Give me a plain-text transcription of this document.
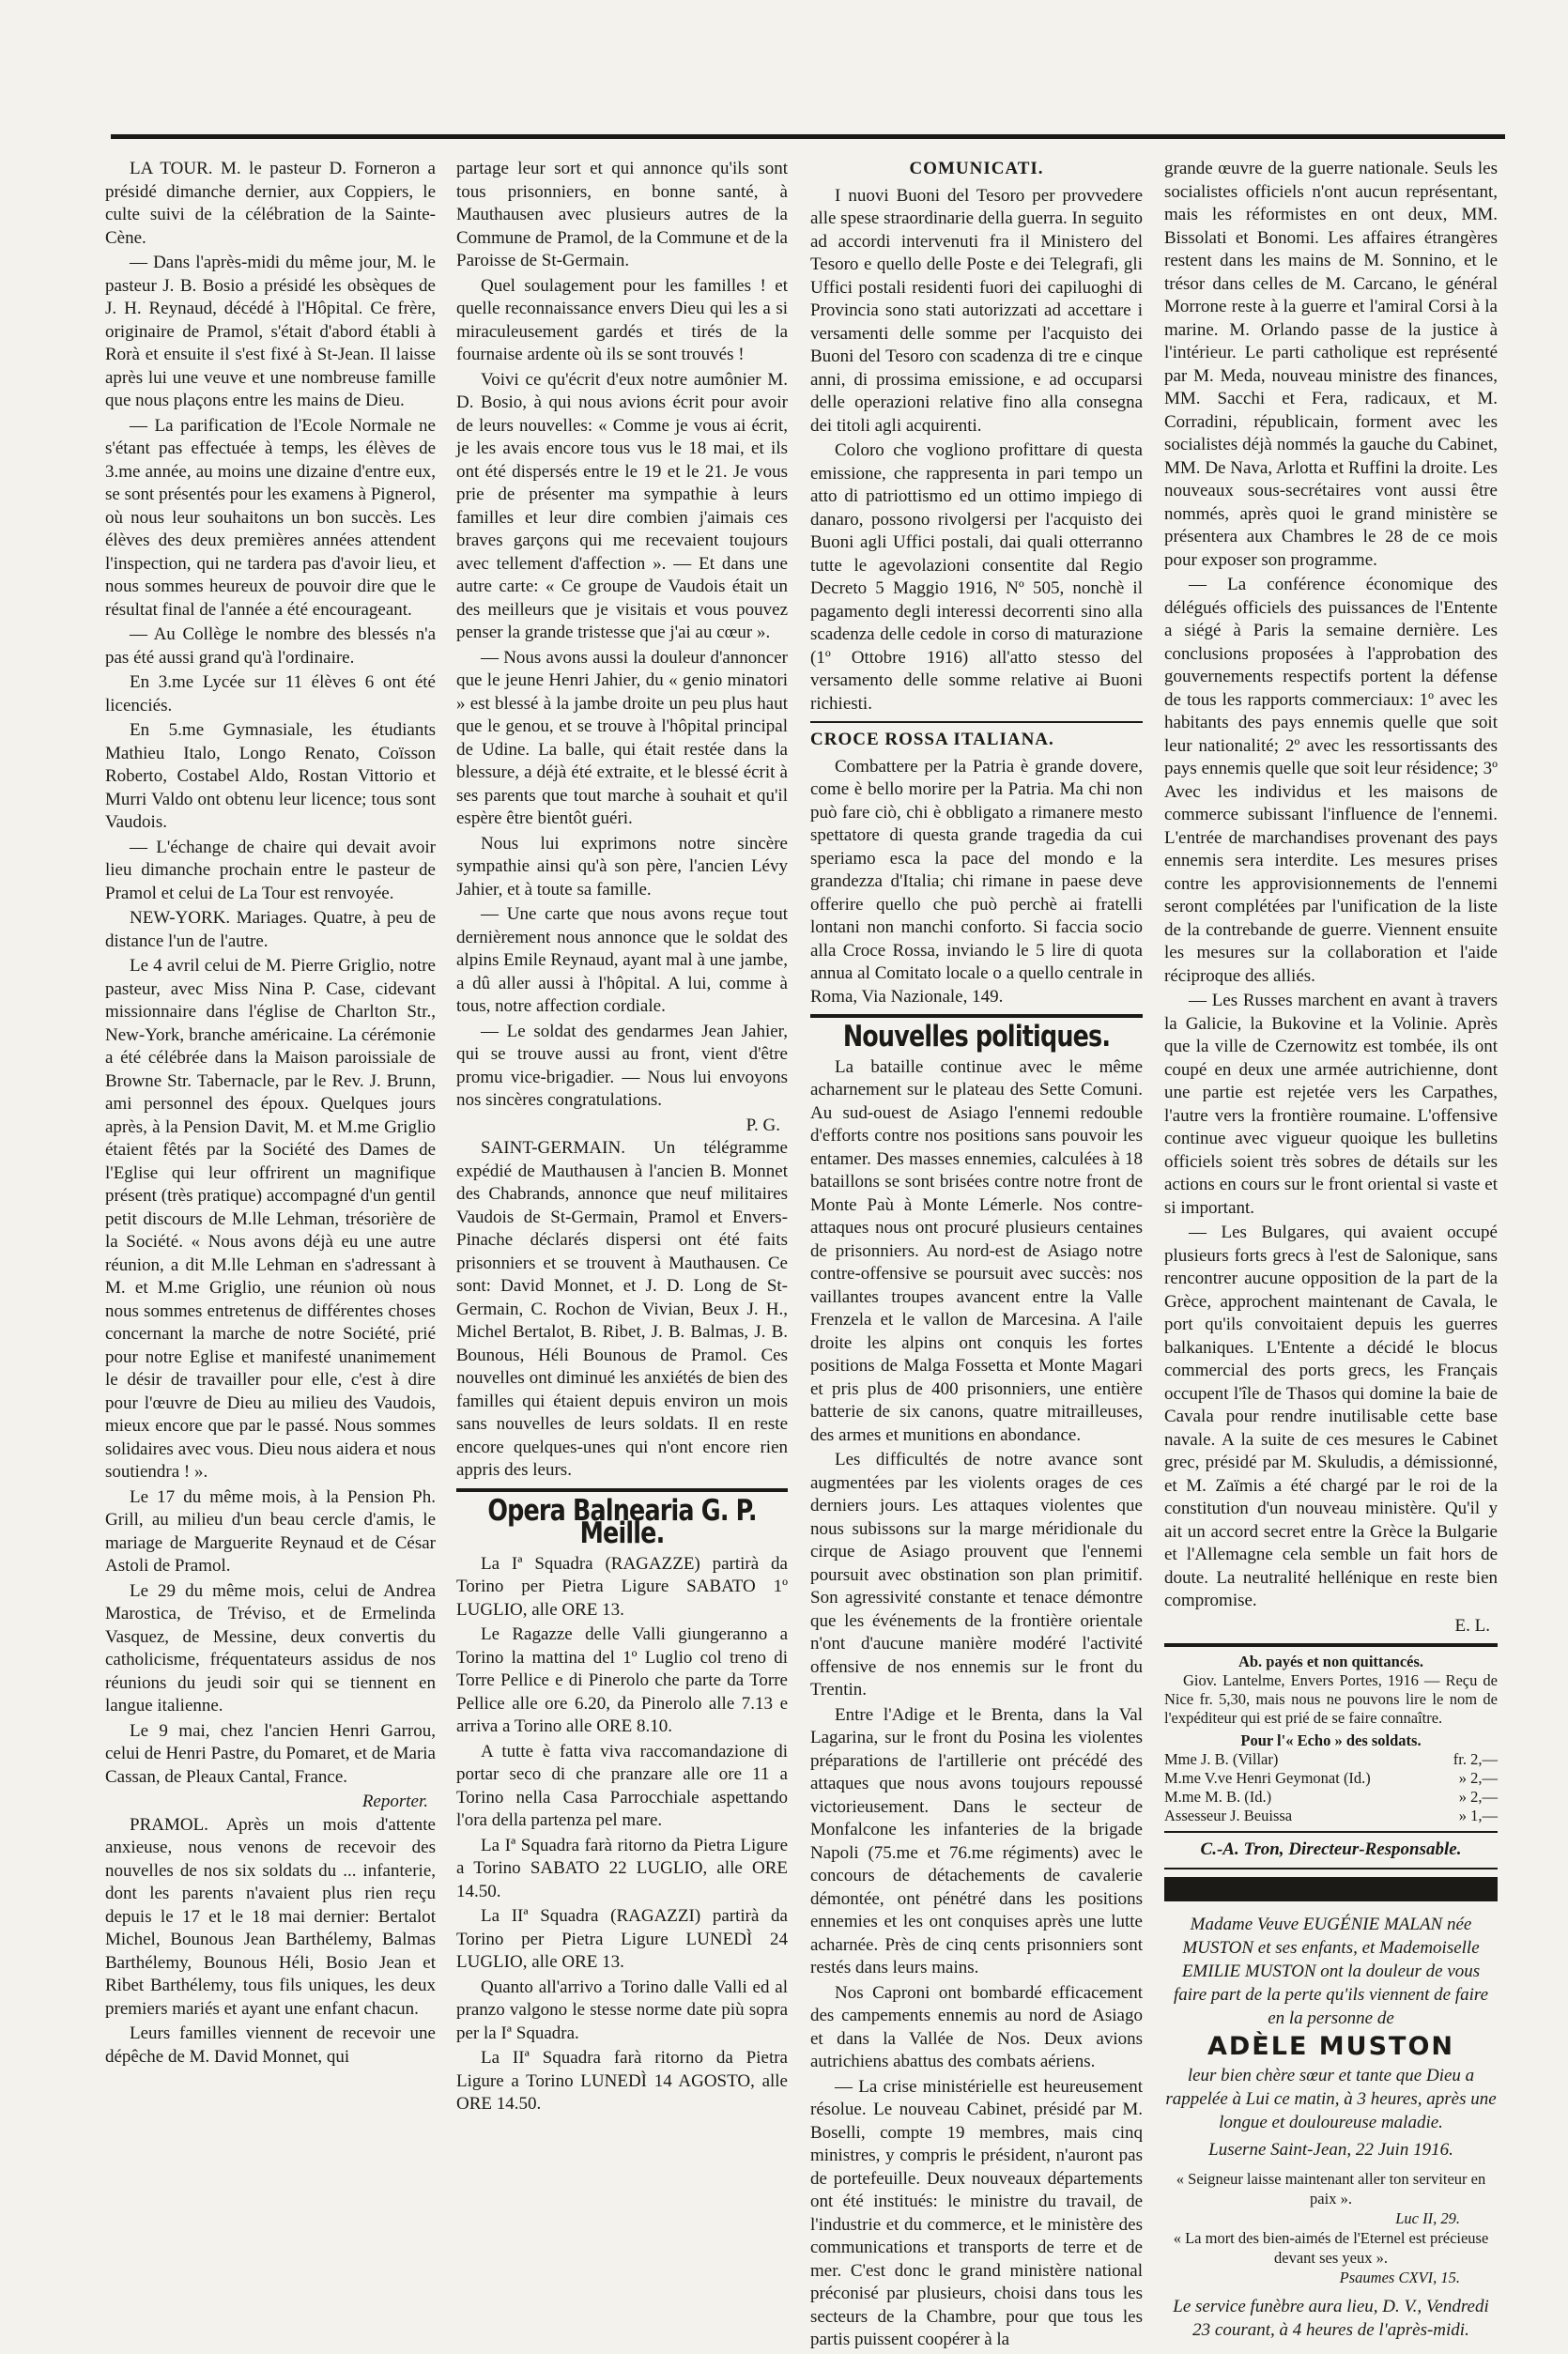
LA TOUR. M. le pasteur D. Forneron a présidé dimanche dernier, aux Coppiers, le culte suivi de la célébration de la Sainte-Cène.

— Dans l'après-midi du même jour, M. le pasteur J. B. Bosio a présidé les obsèques de J. H. Reynaud, décédé à l'Hôpital. Ce frère, originaire de Pramol, s'était d'abord établi à Rorà et ensuite il s'est fixé à St-Jean. Il laisse après lui une veuve et une nombreuse famille que nous plaçons entre les mains de Dieu.

— La parification de l'Ecole Normale ne s'étant pas effectuée à temps, les élèves de 3.me année, au moins une dizaine d'entre eux, se sont présentés pour les examens à Pignerol, où nous leur souhaitons un bon succès. Les élèves des deux premières années attendent l'inspection, qui ne tardera pas d'avoir lieu, et nous sommes heureux de pouvoir dire que le résultat final de l'année a été encourageant.

— Au Collège le nombre des blessés n'a pas été aussi grand qu'à l'ordinaire.

En 3.me Lycée sur 11 élèves 6 ont été licenciés.

En 5.me Gymnasiale, les étudiants Mathieu Italo, Longo Renato, Coïsson Roberto, Costabel Aldo, Rostan Vittorio et Murri Valdo ont obtenu leur licence; tous sont Vaudois.

— L'échange de chaire qui devait avoir lieu dimanche prochain entre le pasteur de Pramol et celui de La Tour est renvoyée.

NEW-YORK. Mariages. Quatre, à peu de distance l'un de l'autre.

Le 4 avril celui de M. Pierre Griglio, notre pasteur, avec Miss Nina P. Case, cidevant missionnaire dans l'église de Charlton Str., New-York, branche américaine. La cérémonie a été célébrée dans la Maison paroissiale de Browne Str. Tabernacle, par le Rev. J. Brunn, ami personnel des époux. Quelques jours après, à la Pension Davit, M. et M.me Griglio étaient fêtés par la Société des Dames de l'Eglise qui leur offrirent un magnifique présent (très pratique) accompagné d'un gentil petit discours de M.lle Lehman, trésorière de la Société. « Nous avons déjà eu une autre réunion, a dit M.lle Lehman en s'adressant à M. et M.me Griglio, une réunion où nous nous sommes entretenus de différentes choses concernant la marche de notre Société, prié pour notre Eglise et manifesté unanimement le désir de travailler pour elle, c'est à dire pour l'œuvre de Dieu au milieu des Vaudois, mieux encore que par le passé. Nous sommes solidaires avec vous. Dieu nous aidera et nous soutiendra ! ».

Le 17 du même mois, à la Pension Ph. Grill, au milieu d'un beau cercle d'amis, le mariage de Marguerite Reynaud et de César Astoli de Pramol.

Le 29 du même mois, celui de Andrea Marostica, de Tréviso, et de Ermelinda Vasquez, de Messine, deux convertis du catholicisme, fréquentateurs assidus de nos réunions du jeudi soir qui se tiennent en langue italienne.

Le 9 mai, chez l'ancien Henri Garrou, celui de Henri Pastre, du Pomaret, et de Maria Cassan, de Pleaux Cantal, France.

Reporter.

PRAMOL. Après un mois d'attente anxieuse, nous venons de recevoir des nouvelles de nos six soldats du ... infanterie, dont les parents n'avaient plus rien reçu depuis le 17 et le 18 mai dernier: Bertalot Michel, Bounous Jean Barthélemy, Balmas Barthélemy, Bounous Héli, Bosio Jean et Ribet Barthélemy, tous fils uniques, les deux premiers mariés et ayant une enfant chacun.

Leurs familles viennent de recevoir une dépêche de M. David Monnet, qui

partage leur sort et qui annonce qu'ils sont tous prisonniers, en bonne santé, à Mauthausen avec plusieurs autres de la Commune de Pramol, de la Commune et de la Paroisse de St-Germain.

Quel soulagement pour les familles ! et quelle reconnaissance envers Dieu qui les a si miraculeusement gardés et tirés de la fournaise ardente où ils se sont trouvés !

Voivi ce qu'écrit d'eux notre aumônier M. D. Bosio, à qui nous avions écrit pour avoir de leurs nouvelles: « Comme je vous ai écrit, je les avais encore tous vus le 18 mai, et ils ont été dispersés entre le 19 et le 21. Je vous prie de présenter ma sympathie à leurs familles et leur dire combien j'aimais ces braves garçons qui me recevaient toujours avec tellement d'affection ». — Et dans une autre carte: « Ce groupe de Vaudois était un des meilleurs que je visitais et vous pouvez penser la grande tristesse que j'ai au cœur ».

— Nous avons aussi la douleur d'annoncer que le jeune Henri Jahier, du « genio minatori » est blessé à la jambe droite un peu plus haut que le genou, et se trouve à l'hôpital principal de Udine. La balle, qui était restée dans la blessure, a déjà été extraite, et le blessé écrit à ses parents que tout marche à souhait et qu'il espère être bientôt guéri.

Nous lui exprimons notre sincère sympathie ainsi qu'à son père, l'ancien Lévy Jahier, et à toute sa famille.

— Une carte que nous avons reçue tout dernièrement nous annonce que le soldat des alpins Emile Reynaud, ayant mal à une jambe, a dû aller aussi à l'hôpital. A lui, comme à tous, notre affection cordiale.

— Le soldat des gendarmes Jean Jahier, qui se trouve aussi au front, vient d'être promu vice-brigadier. — Nous lui envoyons nos sincères congratulations.

P. G.

SAINT-GERMAIN. Un télégramme expédié de Mauthausen à l'ancien B. Monnet des Chabrands, annonce que neuf militaires Vaudois de St-Germain, Pramol et Envers-Pinache déclarés dispersi ont été faits prisonniers et se trouvent à Mauthausen. Ce sont: David Monnet, et J. D. Long de St-Germain, C. Rochon de Vivian, Beux J. H., Michel Bertalot, B. Ribet, J. B. Balmas, J. B. Bounous, Héli Bounous de Pramol. Ces nouvelles ont diminué les anxiétés de bien des familles qui étaient depuis environ un mois sans nouvelles de leurs soldats. Il en reste encore quelques-unes qui n'ont encore rien appris des leurs.

Opera Balnearia G. P. Meille.

La Iª Squadra (RAGAZZE) partirà da Torino per Pietra Ligure SABATO 1º LUGLIO, alle ORE 13.

Le Ragazze delle Valli giungeranno a Torino la mattina del 1º Luglio col treno di Torre Pellice e di Pinerolo che parte da Torre Pellice alle ore 6.20, da Pinerolo alle 7.13 e arriva a Torino alle ORE 8.10.

A tutte è fatta viva raccomandazione di portar seco di che pranzare alle ore 11 a Torino nella Casa Parrocchiale aspettando l'ora della partenza pel mare.

La Iª Squadra farà ritorno da Pietra Ligure a Torino SABATO 22 LUGLIO, alle ORE 14.50.

La IIª Squadra (RAGAZZI) partirà da Torino per Pietra Ligure LUNEDÌ 24 LUGLIO, alle ORE 13.

Quanto all'arrivo a Torino dalle Valli ed al pranzo valgono le stesse norme date più sopra per la Iª Squadra.

La IIª Squadra farà ritorno da Pietra Ligure a Torino LUNEDÌ 14 AGOSTO, alle ORE 14.50.

COMUNICATI.

I nuovi Buoni del Tesoro per provvedere alle spese straordinarie della guerra. In seguito ad accordi intervenuti fra il Ministero del Tesoro e quello delle Poste e dei Telegrafi, gli Uffici postali residenti fuori dei capiluoghi di Provincia sono stati autorizzati ad accettare i versamenti delle somme per l'acquisto dei Buoni del Tesoro con scadenza di tre e cinque anni, di prossima emissione, e ad occuparsi delle operazioni relative fino alla consegna dei titoli agli acquirenti.

Coloro che vogliono profittare di questa emissione, che rappresenta in pari tempo un atto di patriottismo ed un ottimo impiego di danaro, possono rivolgersi per l'acquisto dei Buoni agli Uffici postali, dai quali otterranno tutte le agevolazioni consentite dal Regio Decreto 5 Maggio 1916, Nº 505, nonchè il pagamento degli interessi decorrenti sino alla scadenza delle cedole in corso di maturazione (1º Ottobre 1916) all'atto stesso del versamento delle somme relative ai Buoni richiesti.

CROCE ROSSA ITALIANA.

Combattere per la Patria è grande dovere, come è bello morire per la Patria. Ma chi non può fare ciò, chi è obbligato a rimanere mesto spettatore di questa grande tragedia da cui speriamo esca la pace del mondo e la grandezza d'Italia; chi rimane in paese deve offerire quello che può perchè ai fratelli lontani non manchi conforto. Si faccia socio alla Croce Rossa, inviando le 5 lire di quota annua al Comitato locale o a quello centrale in Roma, Via Nazionale, 149.

Nouvelles politiques.

La bataille continue avec le même acharnement sur le plateau des Sette Comuni. Au sud-ouest de Asiago l'ennemi redouble d'efforts contre nos positions sans pouvoir les entamer. Des masses ennemies, calculées à 18 bataillons se sont brisées contre notre front de Monte Paù à Monte Lémerle. Nos contre-attaques nous ont procuré plusieurs centaines de prisonniers. Au nord-est de Asiago notre contre-offensive se poursuit avec succès: nos vaillantes troupes avancent entre la Valle Frenzela et le vallon de Marcesina. A l'aile droite les alpins ont conquis les fortes positions de Malga Fossetta et Monte Magari et pris plus de 400 prisonniers, une entière batterie de six canons, quatre mitrailleuses, des armes et munitions en abondance.

Les difficultés de notre avance sont augmentées par les violents orages de ces derniers jours. Les attaques violentes que nous subissons sur la marge méridionale du cirque de Asiago prouvent que l'ennemi poursuit avec obstination son plan primitif. Son agressivité constante et tenace démontre que les événements de la frontière orientale n'ont d'aucune manière modéré l'activité offensive de nos ennemis sur le front du Trentin.

Entre l'Adige et le Brenta, dans la Val Lagarina, sur le front du Posina les violentes préparations de l'artillerie ont précédé des attaques que nous avons toujours repoussé victorieusement. Dans le secteur de Monfalcone les infanteries de la brigade Napoli (75.me et 76.me régiments) avec le concours de détachements de cavalerie démontée, ont pénétré dans les positions ennemies et les ont conquises après une lutte acharnée. Près de cinq cents prisonniers sont restés dans leurs mains.

Nos Caproni ont bombardé efficacement des campements ennemis au nord de Asiago et dans la Vallée de Nos. Deux avions autrichiens abattus des combats aériens.

— La crise ministérielle est heureusement résolue. Le nouveau Cabinet, présidé par M. Boselli, compte 19 membres, mais cinq ministres, y compris le président, n'auront pas de portefeuille. Deux nouveaux départements ont été institués: le ministre du travail, de l'industrie et du commerce, et le ministère des communications et transports de terre et de mer. C'est donc le grand ministère national préconisé par plusieurs, choisi dans tous les secteurs de la Chambre, pour que tous les partis puissent coopérer à la

grande œuvre de la guerre nationale. Seuls les socialistes officiels n'ont aucun représentant, mais les réformistes en ont deux, MM. Bissolati et Bonomi. Les affaires étrangères restent dans les mains de M. Sonnino, et le trésor dans celles de M. Carcano, le général Morrone reste à la guerre et l'amiral Corsi à la marine. M. Orlando passe de la justice à l'intérieur. Le parti catholique est représenté par M. Meda, nouveau ministre des finances, MM. Sacchi et Fera, radicaux, et M. Corradini, républicain, forment avec les socialistes déjà nommés la gauche du Cabinet, MM. De Nava, Arlotta et Ruffini la droite. Les nouveaux sous-secrétaires vont aussi être nommés, après quoi le grand ministère se présentera aux Chambres le 28 de ce mois pour exposer son programme.

— La conférence économique des délégués officiels des puissances de l'Entente a siégé à Paris la semaine dernière. Les conclusions proposées à l'approbation des gouvernements respectifs portent la défense de tous les rapports commerciaux: 1º avec les habitants des pays ennemis quelle que soit leur nationalité; 2º avec les ressortissants des pays ennemis quelle que soit leur résidence; 3º Avec les individus et les maisons de commerce subissant l'influence de l'ennemi. L'entrée de marchandises provenant des pays ennemis sera interdite. Les mesures prises contre les approvisionnements de l'ennemi seront complétées par l'unification de la liste de la contrebande de guerre. Viennent ensuite les mesures sur la collaboration et l'aide réciproque des alliés.

— Les Russes marchent en avant à travers la Galicie, la Bukovine et la Volinie. Après que la ville de Czernowitz est tombée, ils ont coupé en deux une armée autrichienne, dont une partie est rejetée vers les Carpathes, l'autre vers la frontière roumaine. L'offensive continue avec vigueur quoique les bulletins officiels soient très sobres de détails sur les actions en cours sur le front oriental si vaste et si important.

— Les Bulgares, qui avaient occupé plusieurs forts grecs à l'est de Salonique, sans rencontrer aucune opposition de la part de la Grèce, approchent maintenant de Cavala, le port qu'ils convoitaient depuis les guerres balkaniques. L'Entente a décidé le blocus commercial des ports grecs, les Français occupent l'île de Thasos qui domine la baie de Cavala pour rendre inutilisable cette base navale. A la suite de ces mesures le Cabinet grec, présidé par M. Skuludis, a démissionné, et M. Zaïmis a été chargé par le roi de la constitution d'un nouveau ministère. Qu'il y ait un accord secret entre la Grèce la Bulgarie et l'Allemagne cela semble un fait hors de doute. La neutralité hellénique en reste bien compromise.

E. L.
Ab. payés et non quittancés.
Giov. Lantelme, Envers Portes, 1916 — Reçu de Nice fr. 5,30, mais nous ne pouvons lire le nom de l'expéditeur qui est prié de se faire connaître.
Pour l'« Echo » des soldats.
Mme J. B. (Villar)	fr. 2,—
M.me V.ve Henri Geymonat (Id.)	» 2,—
M.me M. B. (Id.)	» 2,—
Assesseur J. Beuissa	» 1,—
C.-A. Tron, Directeur-Responsable.
Madame Veuve EUGÉNIE MALAN née MUSTON et ses enfants, et Mademoiselle EMILIE MUSTON ont la douleur de vous faire part de la perte qu'ils viennent de faire en la personne de
ADÈLE MUSTON
leur bien chère sœur et tante que Dieu a rappelée à Lui ce matin, à 3 heures, après une longue et douloureuse maladie.
Luserne Saint-Jean, 22 Juin 1916.
« Seigneur laisse maintenant aller ton serviteur en paix ».
Luc II, 29.
« La mort des bien-aimés de l'Eternel est précieuse devant ses yeux ».
Psaumes CXVI, 15.
Le service funèbre aura lieu, D. V., Vendredi 23 courant, à 4 heures de l'après-midi.
